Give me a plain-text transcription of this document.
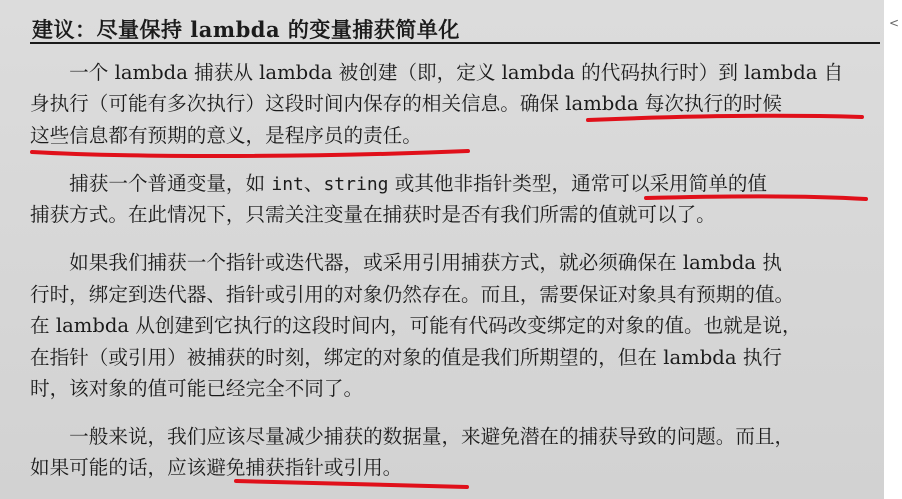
建议：尽量保持 lambda 的变量捕获简单化
　　一个 lambda 捕获从 lambda 被创建（即，定义 lambda 的代码执行时）到 lambda 自
身执行（可能有多次执行）这段时间内保存的相关信息。确保 lambda 每次执行的时候
这些信息都有预期的意义，是程序员的责任。
　　捕获一个普通变量，如 int、string 或其他非指针类型，通常可以采用简单的值
捕获方式。在此情况下，只需关注变量在捕获时是否有我们所需的值就可以了。
　　如果我们捕获一个指针或迭代器，或采用引用捕获方式，就必须确保在 lambda 执
行时，绑定到迭代器、指针或引用的对象仍然存在。而且，需要保证对象具有预期的值。
在 lambda 从创建到它执行的这段时间内，可能有代码改变绑定的对象的值。也就是说，
在指针（或引用）被捕获的时刻，绑定的对象的值是我们所期望的，但在 lambda 执行
时，该对象的值可能已经完全不同了。
　　一般来说，我们应该尽量减少捕获的数据量，来避免潜在的捕获导致的问题。而且，
如果可能的话，应该避免捕获指针或引用。
<
